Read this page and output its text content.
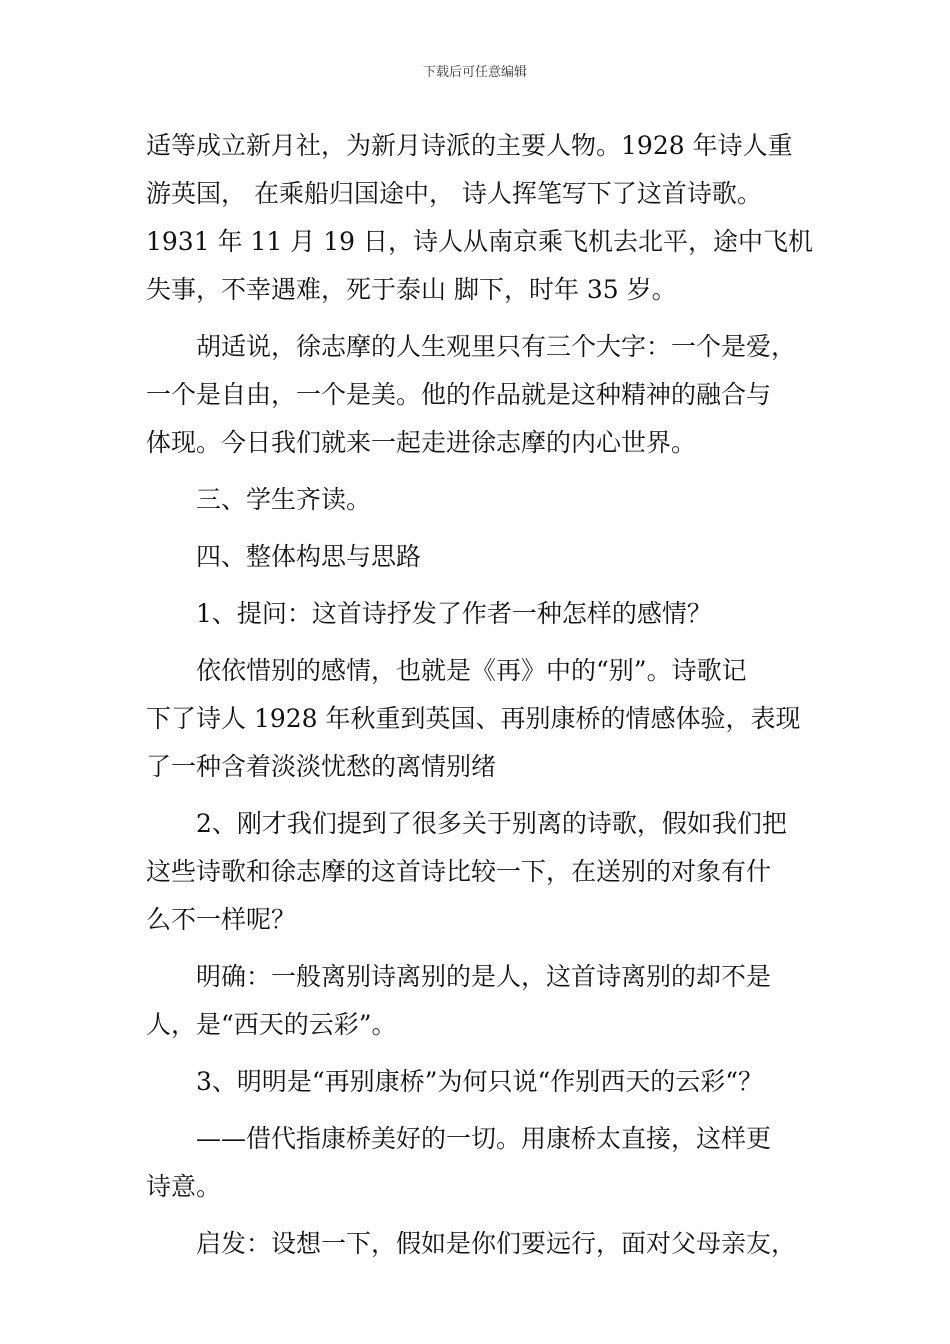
下载后可任意编辑
适等成立新月社，为新月诗派的主要人物。1928 年诗人重
游英国， 在乘船归国途中， 诗人挥笔写下了这首诗歌。
1931 年 11 月 19 日，诗人从南京乘飞机去北平，途中飞机
失事，不幸遇难，死于泰山 脚下，时年 35 岁。
胡适说，徐志摩的人生观里只有三个大字：一个是爱，
一个是自由，一个是美。他的作品就是这种精神的融合与
体现。今日我们就来一起走进徐志摩的内心世界。
三、学生齐读。
四、整体构思与思路
1、提问：这首诗抒发了作者一种怎样的感情？
依依惜别的感情，也就是《再》中的“别”。诗歌记
下了诗人 1928 年秋重到英国、再别康桥的情感体验，表现
了一种含着淡淡忧愁的离情别绪
2、刚才我们提到了很多关于别离的诗歌，假如我们把
这些诗歌和徐志摩的这首诗比较一下，在送别的对象有什
么不一样呢？
明确：一般离别诗离别的是人，这首诗离别的却不是
人，是“西天的云彩”。
3、明明是“再别康桥”为何只说“作别西天的云彩“？
——借代指康桥美好的一切。用康桥太直接，这样更
诗意。
启发：设想一下，假如是你们要远行，面对父母亲友，
